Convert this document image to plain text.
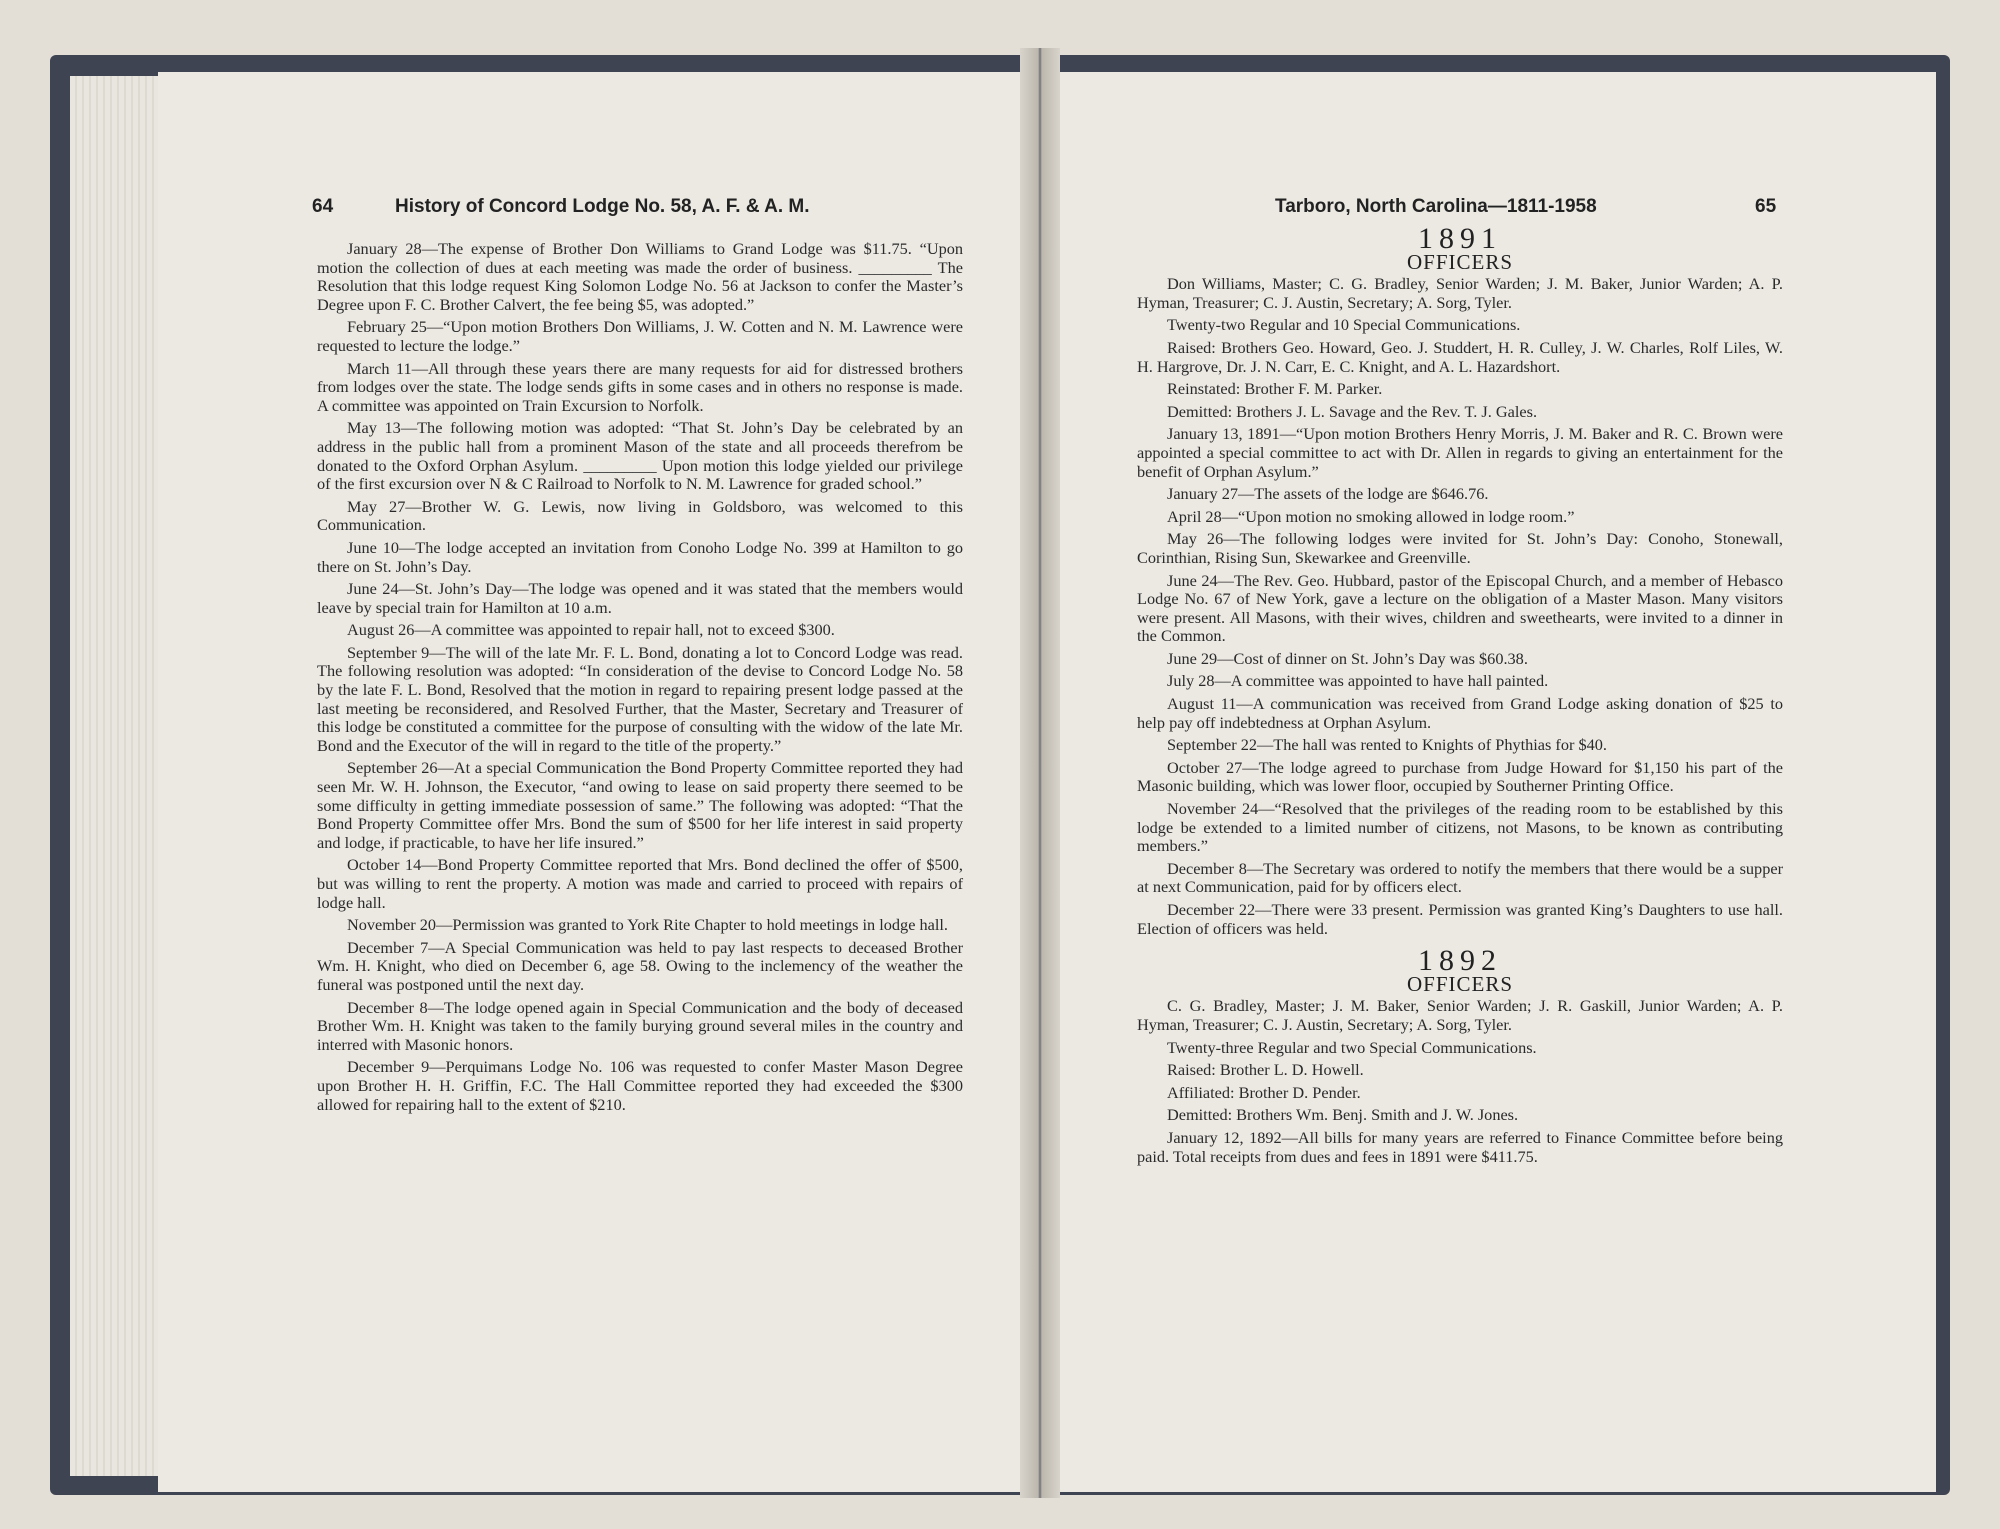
64	History of Concord Lodge No. 58, A. F. & A. M.	Tarboro, North Carolina—1811-1958	65

January 28—The expense of Brother Don Williams to Grand Lodge was $11.75. “Upon motion the collection of dues at each meeting was made the order of business. _________ The Resolution that this lodge request King Solomon Lodge No. 56 at Jackson to confer the Master’s Degree upon F. C. Brother Calvert, the fee being $5, was adopted.”

February 25—“Upon motion Brothers Don Williams, J. W. Cotten and N. M. Lawrence were requested to lecture the lodge.”

March 11—All through these years there are many requests for aid for distressed brothers from lodges over the state. The lodge sends gifts in some cases and in others no response is made. A committee was appointed on Train Excursion to Norfolk.

May 13—The following motion was adopted: “That St. John’s Day be celebrated by an address in the public hall from a prominent Mason of the state and all proceeds therefrom be donated to the Oxford Orphan Asylum. _________ Upon motion this lodge yielded our privilege of the first excursion over N & C Railroad to Norfolk to N. M. Lawrence for graded school.”

May 27—Brother W. G. Lewis, now living in Goldsboro, was welcomed to this Communication.

June 10—The lodge accepted an invitation from Conoho Lodge No. 399 at Hamilton to go there on St. John’s Day.

June 24—St. John’s Day—The lodge was opened and it was stated that the members would leave by special train for Hamilton at 10 a.m.

August 26—A committee was appointed to repair hall, not to exceed $300.

September 9—The will of the late Mr. F. L. Bond, donating a lot to Concord Lodge was read. The following resolution was adopted: “In consideration of the devise to Concord Lodge No. 58 by the late F. L. Bond, Resolved that the motion in regard to repairing present lodge passed at the last meeting be reconsidered, and Resolved Further, that the Master, Secretary and Treasurer of this lodge be constituted a committee for the purpose of consulting with the widow of the late Mr. Bond and the Executor of the will in regard to the title of the property.”

September 26—At a special Communication the Bond Property Committee reported they had seen Mr. W. H. Johnson, the Executor, “and owing to lease on said property there seemed to be some difficulty in getting immediate possession of same.” The following was adopted: “That the Bond Property Committee offer Mrs. Bond the sum of $500 for her life interest in said property and lodge, if practicable, to have her life insured.”

October 14—Bond Property Committee reported that Mrs. Bond declined the offer of $500, but was willing to rent the property. A motion was made and carried to proceed with repairs of lodge hall.

November 20—Permission was granted to York Rite Chapter to hold meetings in lodge hall.

December 7—A Special Communication was held to pay last respects to deceased Brother Wm. H. Knight, who died on December 6, age 58. Owing to the inclemency of the weather the funeral was postponed until the next day.

December 8—The lodge opened again in Special Communication and the body of deceased Brother Wm. H. Knight was taken to the family burying ground several miles in the country and interred with Masonic honors.

December 9—Perquimans Lodge No. 106 was requested to confer Master Mason Degree upon Brother H. H. Griffin, F.C. The Hall Committee reported they had exceeded the $300 allowed for repairing hall to the extent of $210.

1891

OFFICERS

Don Williams, Master; C. G. Bradley, Senior Warden; J. M. Baker, Junior Warden; A. P. Hyman, Treasurer; C. J. Austin, Secretary; A. Sorg, Tyler.

Twenty-two Regular and 10 Special Communications.

Raised: Brothers Geo. Howard, Geo. J. Studdert, H. R. Culley, J. W. Charles, Rolf Liles, W. H. Hargrove, Dr. J. N. Carr, E. C. Knight, and A. L. Hazardshort.

Reinstated: Brother F. M. Parker.

Demitted: Brothers J. L. Savage and the Rev. T. J. Gales.

January 13, 1891—“Upon motion Brothers Henry Morris, J. M. Baker and R. C. Brown were appointed a special committee to act with Dr. Allen in regards to giving an entertainment for the benefit of Orphan Asylum.”

January 27—The assets of the lodge are $646.76.

April 28—“Upon motion no smoking allowed in lodge room.”

May 26—The following lodges were invited for St. John’s Day: Conoho, Stonewall, Corinthian, Rising Sun, Skewarkee and Greenville.

June 24—The Rev. Geo. Hubbard, pastor of the Episcopal Church, and a member of Hebasco Lodge No. 67 of New York, gave a lecture on the obligation of a Master Mason. Many visitors were present. All Masons, with their wives, children and sweethearts, were invited to a dinner in the Common.

June 29—Cost of dinner on St. John’s Day was $60.38.

July 28—A committee was appointed to have hall painted.

August 11—A communication was received from Grand Lodge asking donation of $25 to help pay off indebtedness at Orphan Asylum.

September 22—The hall was rented to Knights of Phythias for $40.

October 27—The lodge agreed to purchase from Judge Howard for $1,150 his part of the Masonic building, which was lower floor, occupied by Southerner Printing Office.

November 24—“Resolved that the privileges of the reading room to be established by this lodge be extended to a limited number of citizens, not Masons, to be known as contributing members.”

December 8—The Secretary was ordered to notify the members that there would be a supper at next Communication, paid for by officers elect.

December 22—There were 33 present. Permission was granted King’s Daughters to use hall. Election of officers was held.

1892

OFFICERS

C. G. Bradley, Master; J. M. Baker, Senior Warden; J. R. Gaskill, Junior Warden; A. P. Hyman, Treasurer; C. J. Austin, Secretary; A. Sorg, Tyler.

Twenty-three Regular and two Special Communications.

Raised: Brother L. D. Howell.

Affiliated: Brother D. Pender.

Demitted: Brothers Wm. Benj. Smith and J. W. Jones.

January 12, 1892—All bills for many years are referred to Finance Committee before being paid. Total receipts from dues and fees in 1891 were $411.75.
